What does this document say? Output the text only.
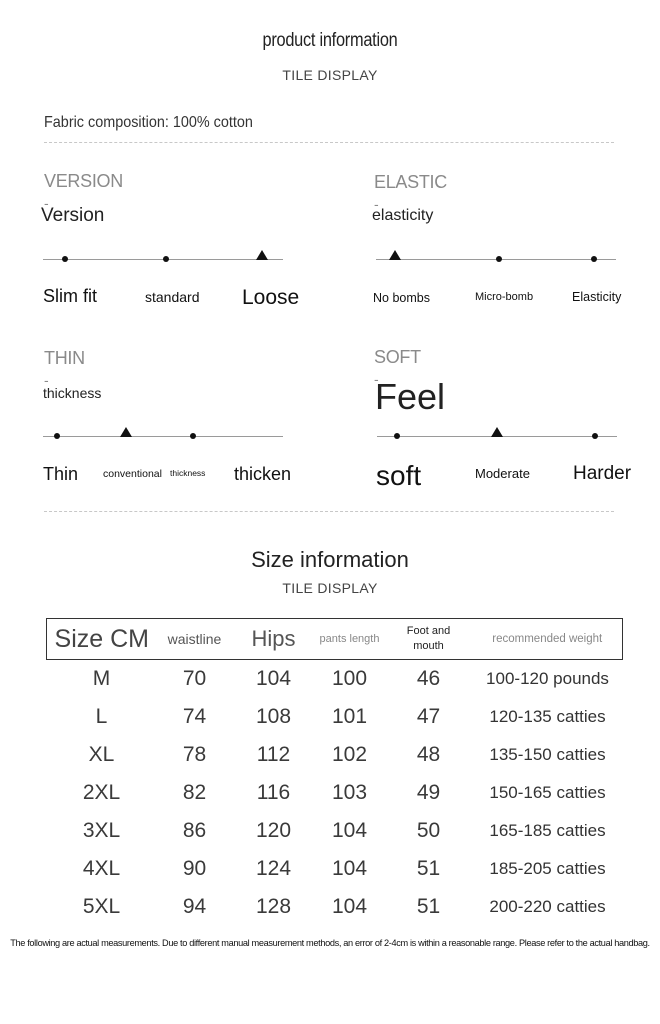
product information
TILE DISPLAY
Fabric composition: 100% cotton
VERSION -
Version
Slim fit	standard Loose
ELASTIC -
elasticity
No bombs	Micro-bomb	Elasticity
THIN -
thickness
Thin conventional thickness thicken
SOFT -
Feel
soft	Moderate Harder
Size information
TILE DISPLAY
Size CM	waistline	Hips	pants length	Foot and mouth	recommended weight
M	70	104	100	46	100-120 pounds
L	74	108	101	47	120-135 catties
XL	78	112	102	48	135-150 catties
2XL	82	116	103	49	150-165 catties
3XL	86	120	104	50	165-185 catties
4XL	90	124	104	51	185-205 catties
5XL	94	128	104	51	200-220 catties
The following are actual measurements. Due to different manual measurement methods, an error of 2-4cm is within a reasonable range. Please refer to the actual handbag.
